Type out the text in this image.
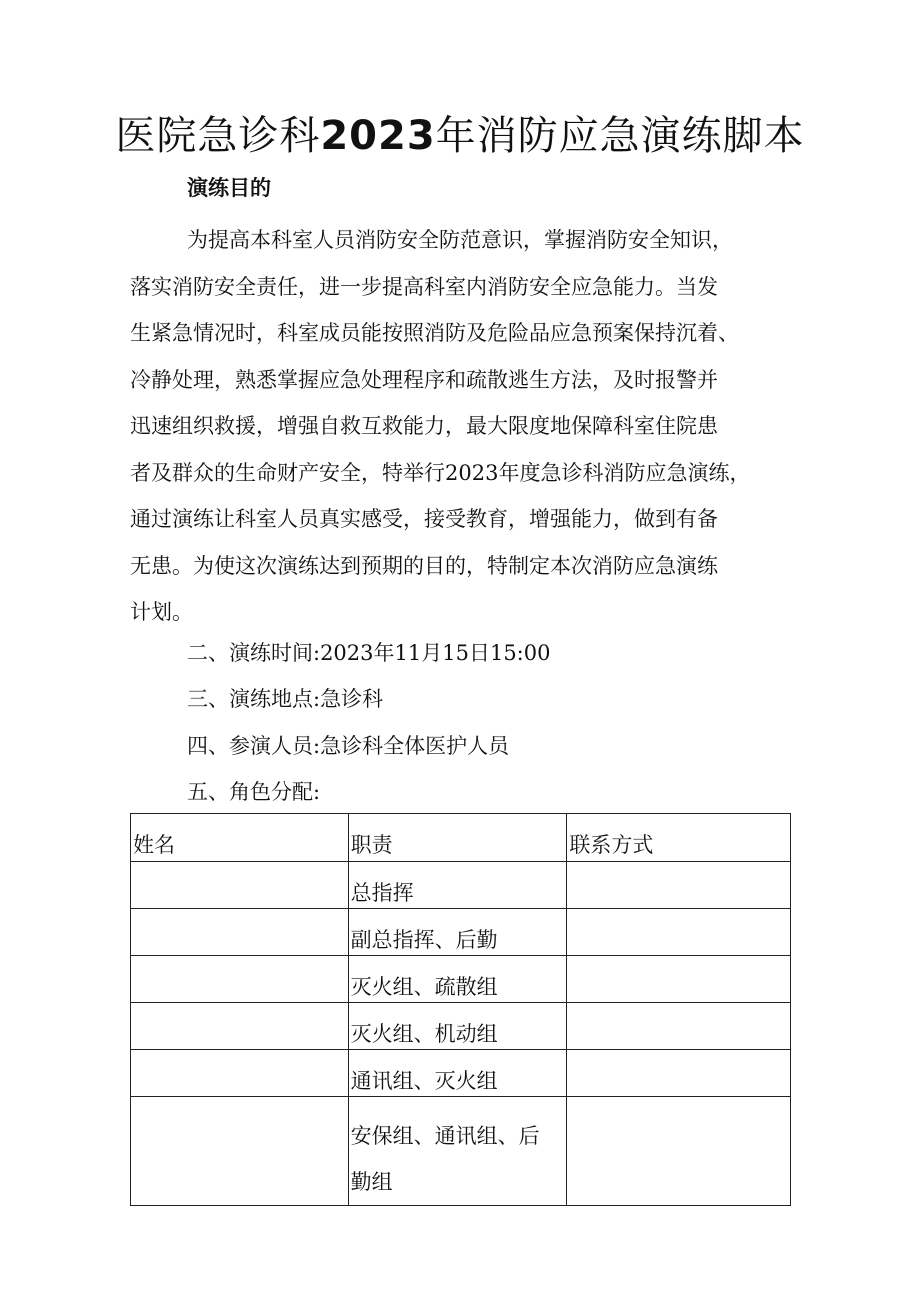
医院急诊科2023年消防应急演练脚本
演练目的
为提高本科室人员消防安全防范意识，掌握消防安全知识，
落实消防安全责任，进一步提高科室内消防安全应急能力。当发
生紧急情况时，科室成员能按照消防及危险品应急预案保持沉着、
冷静处理，熟悉掌握应急处理程序和疏散逃生方法，及时报警并
迅速组织救援，增强自救互救能力，最大限度地保障科室住院患
者及群众的生命财产安全，特举行2023年度急诊科消防应急演练，
通过演练让科室人员真实感受，接受教育，增强能力，做到有备
无患。为使这次演练达到预期的目的，特制定本次消防应急演练
计划。
二、演练时间:2023年11月15日15:00
三、演练地点:急诊科
四、参演人员:急诊科全体医护人员
五、角色分配:
姓名	职责	联系方式
	总指挥	
	副总指挥、后勤	
	灭火组、疏散组	
	灭火组、机动组	
	通讯组、灭火组	

	安保组、通讯组、后
勤组	
